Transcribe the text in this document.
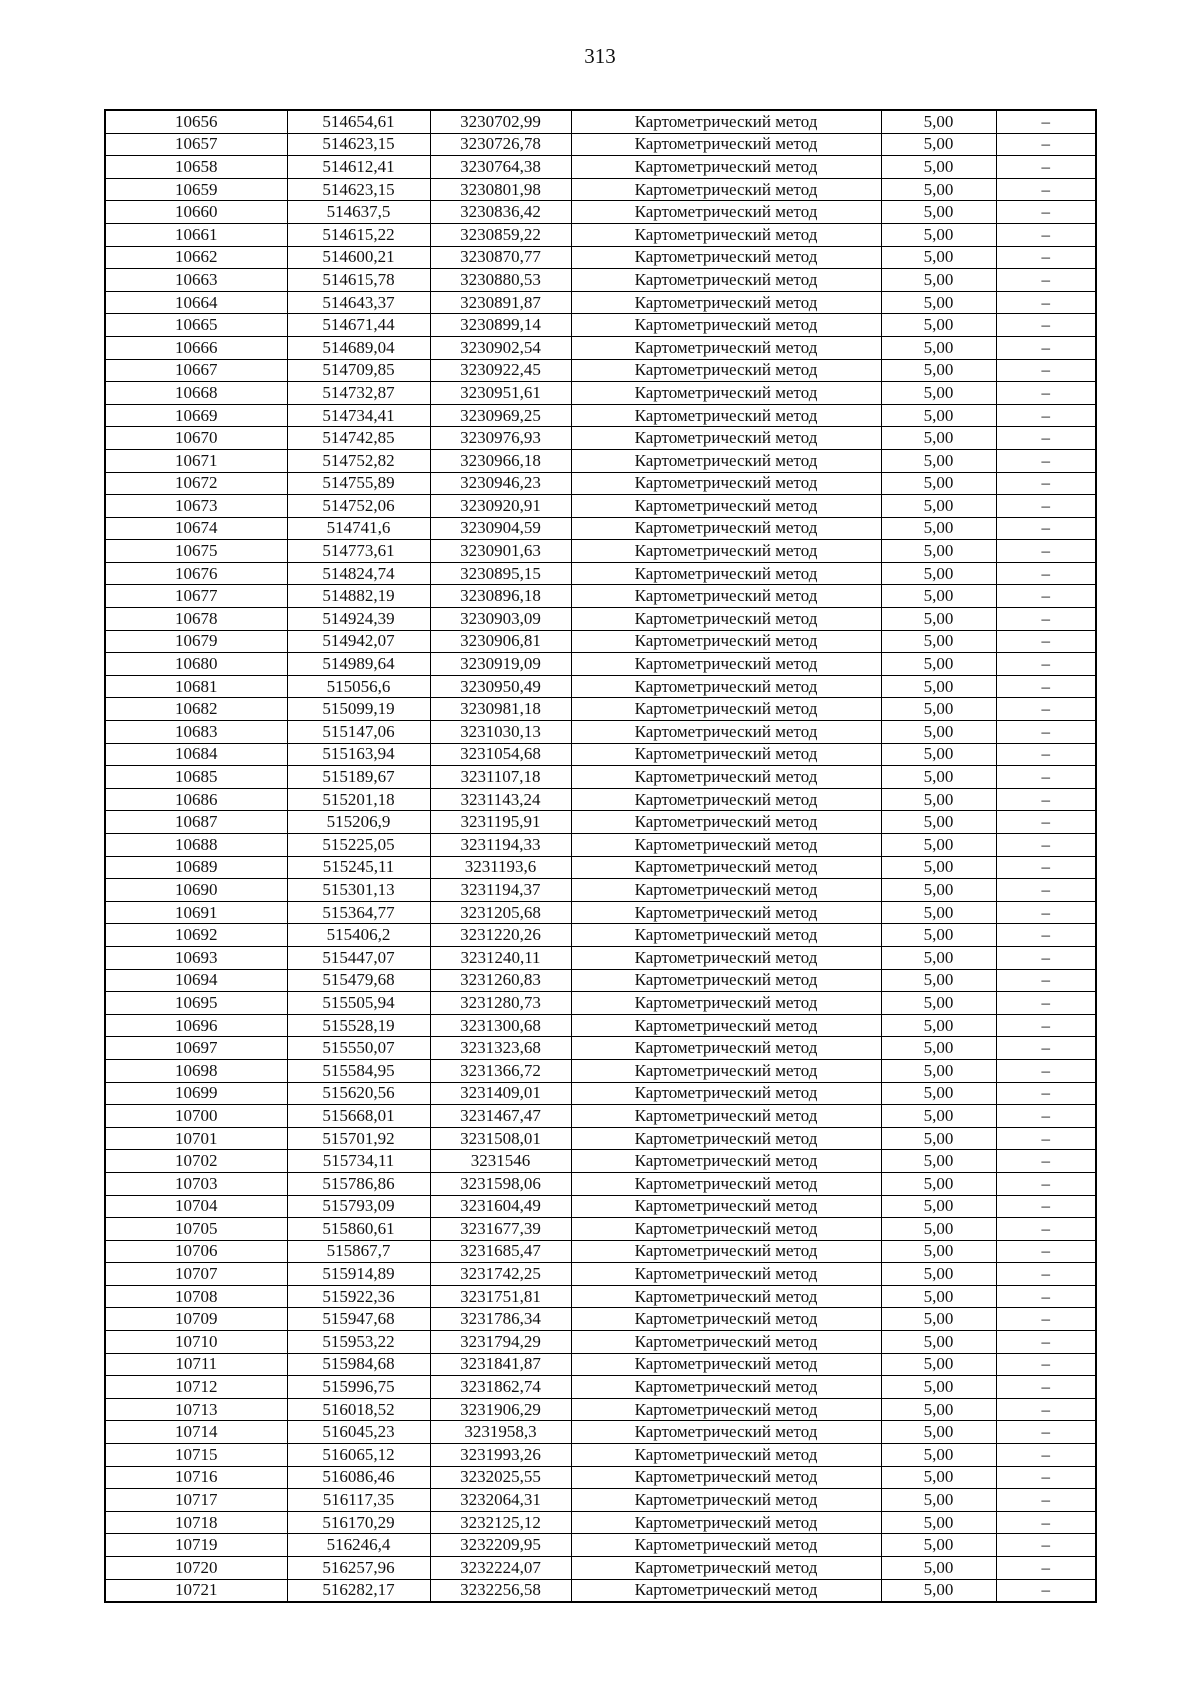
313
10656	514654,61	3230702,99	Картометрический метод	5,00	–
10657	514623,15	3230726,78	Картометрический метод	5,00	–
10658	514612,41	3230764,38	Картометрический метод	5,00	–
10659	514623,15	3230801,98	Картометрический метод	5,00	–
10660	514637,5	3230836,42	Картометрический метод	5,00	–
10661	514615,22	3230859,22	Картометрический метод	5,00	–
10662	514600,21	3230870,77	Картометрический метод	5,00	–
10663	514615,78	3230880,53	Картометрический метод	5,00	–
10664	514643,37	3230891,87	Картометрический метод	5,00	–
10665	514671,44	3230899,14	Картометрический метод	5,00	–
10666	514689,04	3230902,54	Картометрический метод	5,00	–
10667	514709,85	3230922,45	Картометрический метод	5,00	–
10668	514732,87	3230951,61	Картометрический метод	5,00	–
10669	514734,41	3230969,25	Картометрический метод	5,00	–
10670	514742,85	3230976,93	Картометрический метод	5,00	–
10671	514752,82	3230966,18	Картометрический метод	5,00	–
10672	514755,89	3230946,23	Картометрический метод	5,00	–
10673	514752,06	3230920,91	Картометрический метод	5,00	–
10674	514741,6	3230904,59	Картометрический метод	5,00	–
10675	514773,61	3230901,63	Картометрический метод	5,00	–
10676	514824,74	3230895,15	Картометрический метод	5,00	–
10677	514882,19	3230896,18	Картометрический метод	5,00	–
10678	514924,39	3230903,09	Картометрический метод	5,00	–
10679	514942,07	3230906,81	Картометрический метод	5,00	–
10680	514989,64	3230919,09	Картометрический метод	5,00	–
10681	515056,6	3230950,49	Картометрический метод	5,00	–
10682	515099,19	3230981,18	Картометрический метод	5,00	–
10683	515147,06	3231030,13	Картометрический метод	5,00	–
10684	515163,94	3231054,68	Картометрический метод	5,00	–
10685	515189,67	3231107,18	Картометрический метод	5,00	–
10686	515201,18	3231143,24	Картометрический метод	5,00	–
10687	515206,9	3231195,91	Картометрический метод	5,00	–
10688	515225,05	3231194,33	Картометрический метод	5,00	–
10689	515245,11	3231193,6	Картометрический метод	5,00	–
10690	515301,13	3231194,37	Картометрический метод	5,00	–
10691	515364,77	3231205,68	Картометрический метод	5,00	–
10692	515406,2	3231220,26	Картометрический метод	5,00	–
10693	515447,07	3231240,11	Картометрический метод	5,00	–
10694	515479,68	3231260,83	Картометрический метод	5,00	–
10695	515505,94	3231280,73	Картометрический метод	5,00	–
10696	515528,19	3231300,68	Картометрический метод	5,00	–
10697	515550,07	3231323,68	Картометрический метод	5,00	–
10698	515584,95	3231366,72	Картометрический метод	5,00	–
10699	515620,56	3231409,01	Картометрический метод	5,00	–
10700	515668,01	3231467,47	Картометрический метод	5,00	–
10701	515701,92	3231508,01	Картометрический метод	5,00	–
10702	515734,11	3231546	Картометрический метод	5,00	–
10703	515786,86	3231598,06	Картометрический метод	5,00	–
10704	515793,09	3231604,49	Картометрический метод	5,00	–
10705	515860,61	3231677,39	Картометрический метод	5,00	–
10706	515867,7	3231685,47	Картометрический метод	5,00	–
10707	515914,89	3231742,25	Картометрический метод	5,00	–
10708	515922,36	3231751,81	Картометрический метод	5,00	–
10709	515947,68	3231786,34	Картометрический метод	5,00	–
10710	515953,22	3231794,29	Картометрический метод	5,00	–
10711	515984,68	3231841,87	Картометрический метод	5,00	–
10712	515996,75	3231862,74	Картометрический метод	5,00	–
10713	516018,52	3231906,29	Картометрический метод	5,00	–
10714	516045,23	3231958,3	Картометрический метод	5,00	–
10715	516065,12	3231993,26	Картометрический метод	5,00	–
10716	516086,46	3232025,55	Картометрический метод	5,00	–
10717	516117,35	3232064,31	Картометрический метод	5,00	–
10718	516170,29	3232125,12	Картометрический метод	5,00	–
10719	516246,4	3232209,95	Картометрический метод	5,00	–
10720	516257,96	3232224,07	Картометрический метод	5,00	–
10721	516282,17	3232256,58	Картометрический метод	5,00	–
